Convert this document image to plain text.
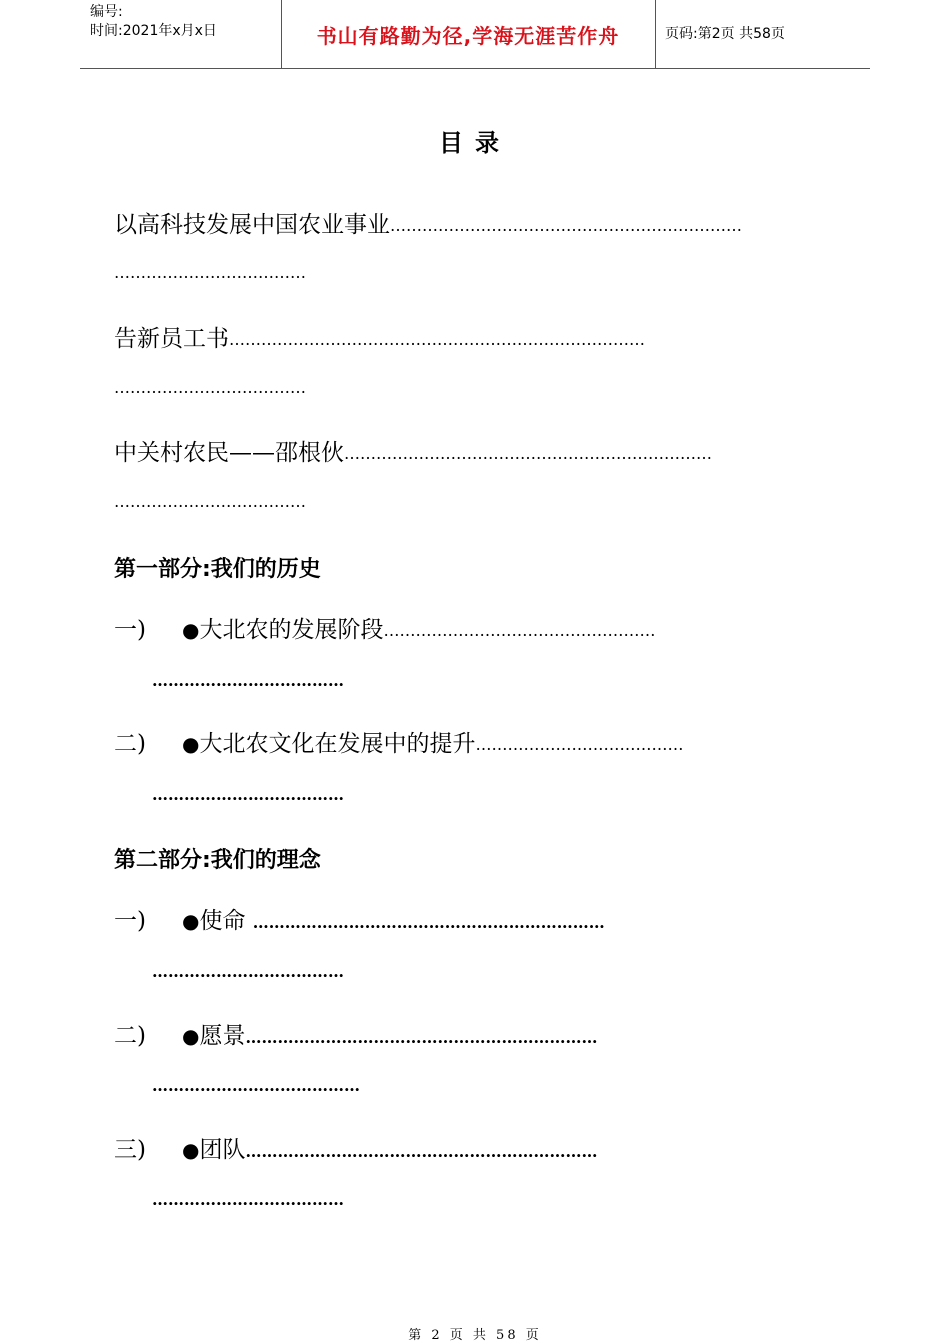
编号:
时间:2021年x月x日	书山有路勤为径,学海无涯苦作舟	页码:第2页 共58页
目录
以高科技发展中国农业事业…………………………………………………………
………………………………
告新员工书……………………………………………………………………
………………………………
中关村农民——邵根伙……………………………………………………………
………………………………
第一部分:我们的历史
一) ●大北农的发展阶段……………………………………………
………………………………
二) ●大北农文化在发展中的提升…………………………………
………………………………
第二部分:我们的理念
一) ●使命 …………………………………………………………
………………………………
二) ●愿景…………………………………………………………
…………………………………
三) ●团队…………………………………………………………
………………………………
第 2 页 共 58 页
